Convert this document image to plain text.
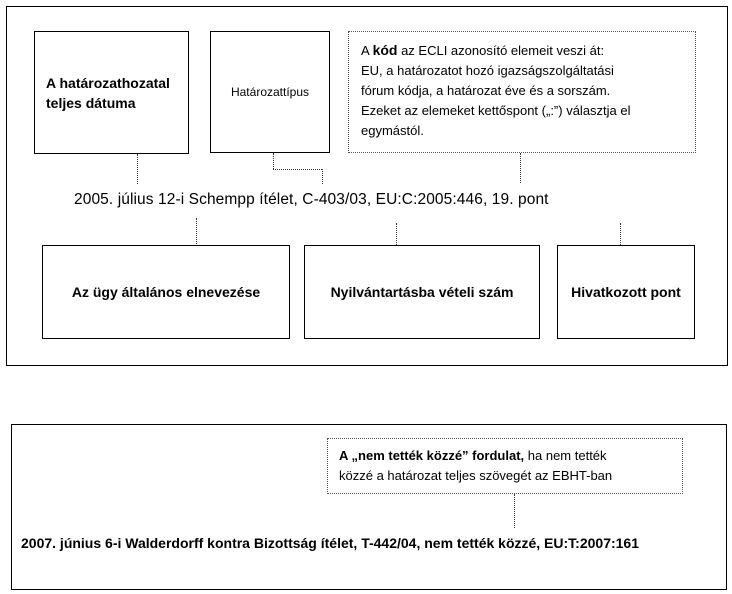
A határozathozatal
teljes dátuma
Határozattípus
A kód az ECLI azonosító elemeit veszi át:
EU, a határozatot hozó igazságszolgáltatási
fórum kódja, a határozat éve és a sorszám.
Ezeket az elemeket kettőspont („:”) választja el
egymástól.
2005. július 12-i Schempp ítélet, C-403/03, EU:C:2005:446, 19. pont
Az ügy általános elnevezése	Nyilvántartásba vételi szám	Hivatkozott pont
A „nem tették közzé” fordulat, ha nem tették
közzé a határozat teljes szövegét az EBHT-ban
2007. június 6-i Walderdorff kontra Bizottság ítélet, T-442/04, nem tették közzé, EU:T:2007:161
